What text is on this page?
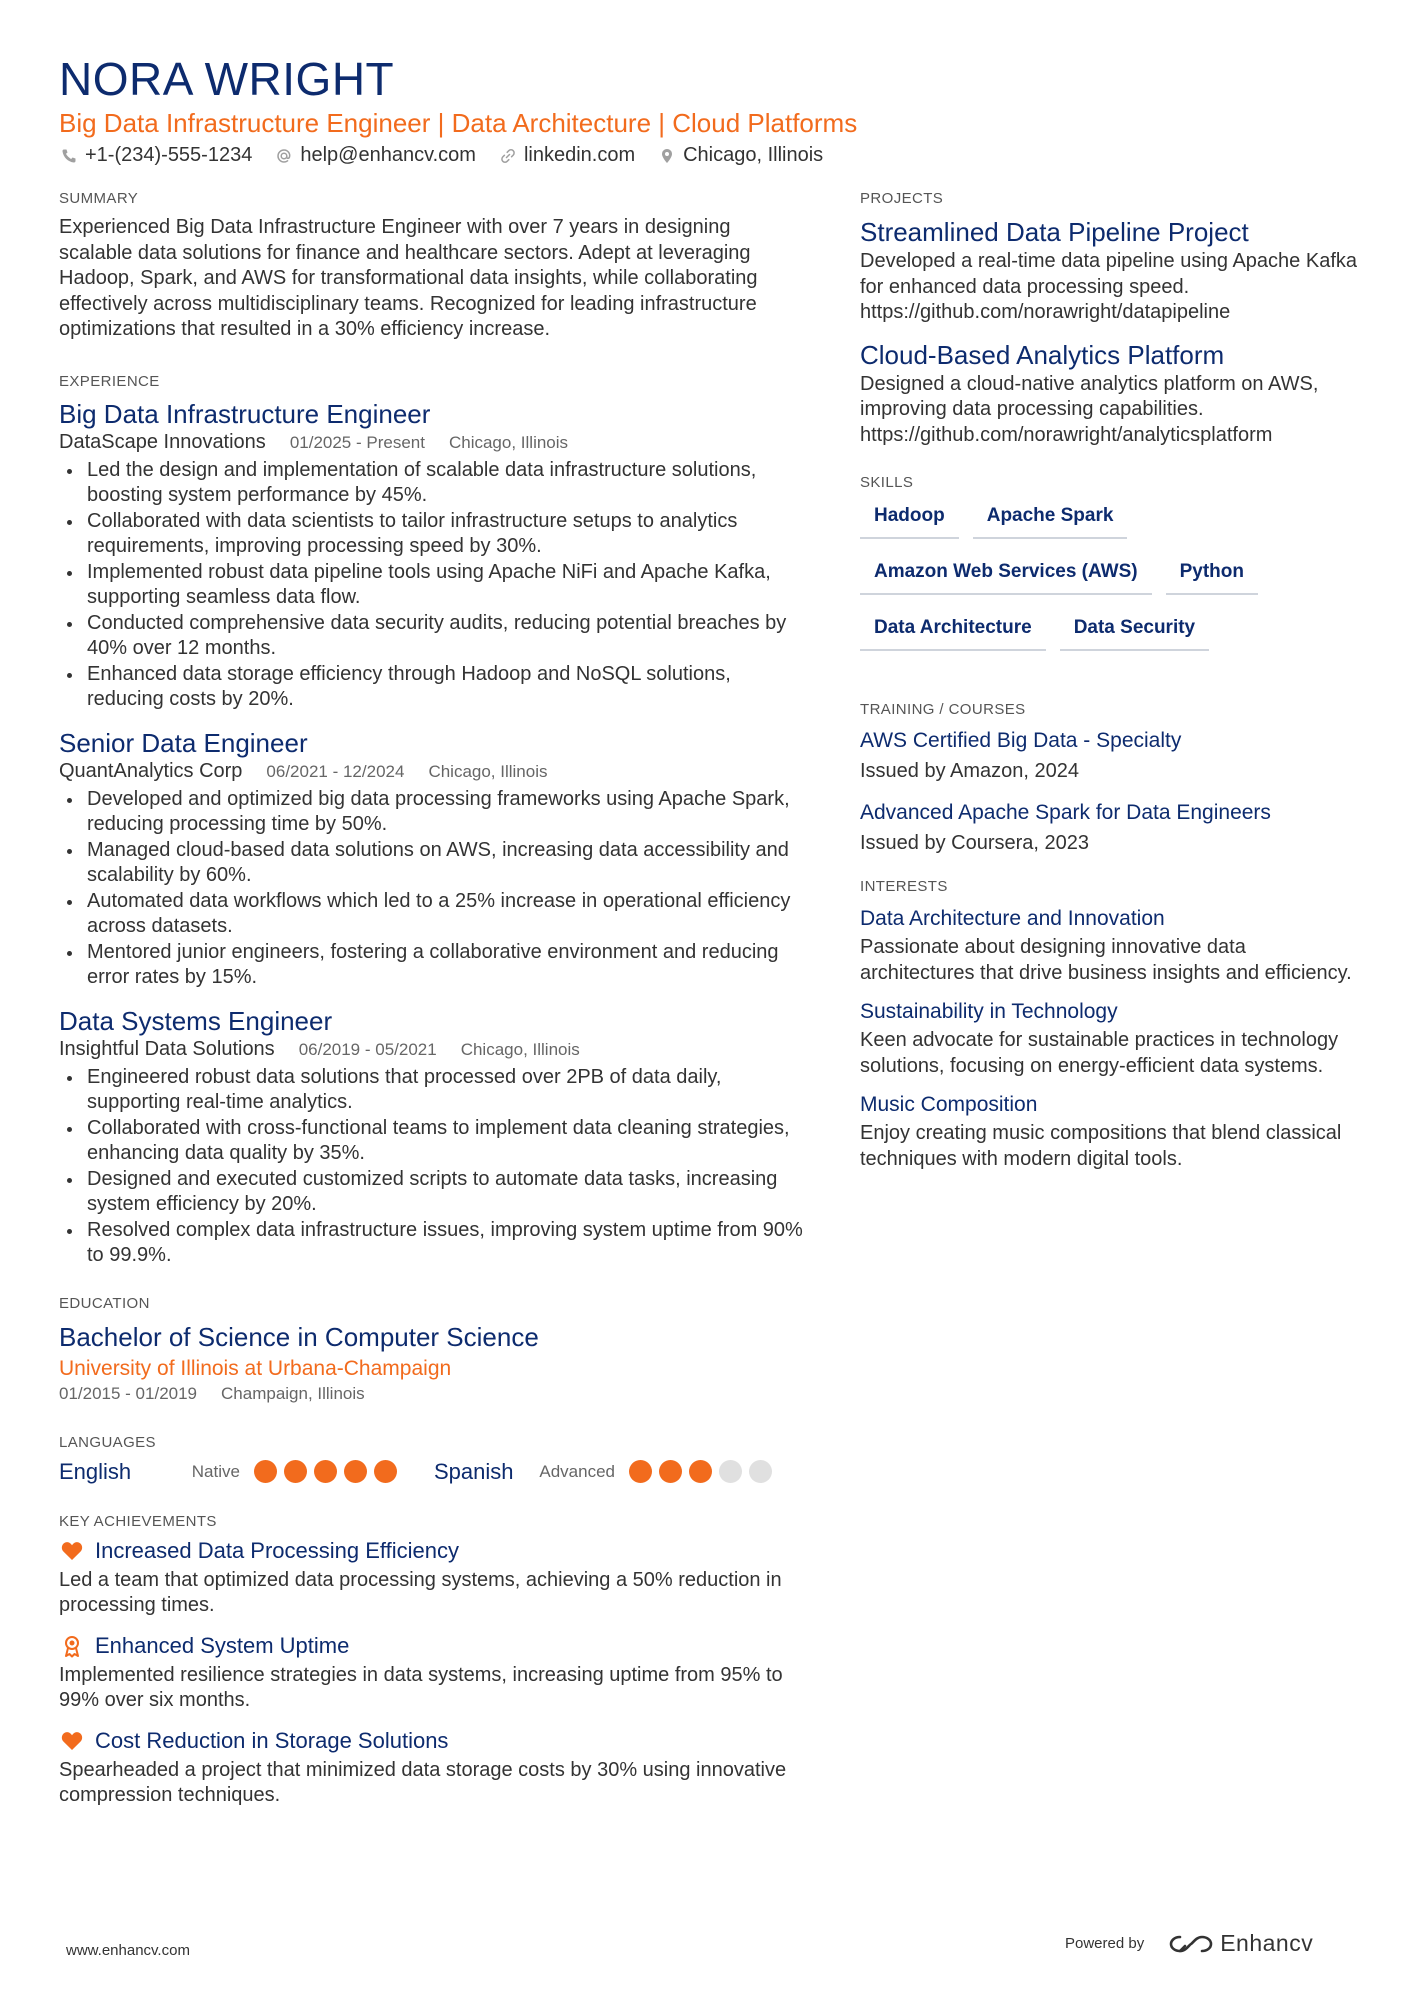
NORA WRIGHT
Big Data Infrastructure Engineer | Data Architecture | Cloud Platforms
+1-(234)-555-1234 help@enhancv.com linkedin.com Chicago, Illinois
SUMMARY
Experienced Big Data Infrastructure Engineer with over 7 years in designing scalable data solutions for finance and healthcare sectors. Adept at leveraging Hadoop, Spark, and AWS for transformational data insights, while collaborating effectively across multidisciplinary teams. Recognized for leading infrastructure optimizations that resulted in a 30% efficiency increase.
EXPERIENCE
Big Data Infrastructure Engineer
DataScape Innovations 01/2025 - Present Chicago, Illinois
Led the design and implementation of scalable data infrastructure solutions, boosting system performance by 45%.
Collaborated with data scientists to tailor infrastructure setups to analytics requirements, improving processing speed by 30%.
Implemented robust data pipeline tools using Apache NiFi and Apache Kafka, supporting seamless data flow.
Conducted comprehensive data security audits, reducing potential breaches by 40% over 12 months.
Enhanced data storage efficiency through Hadoop and NoSQL solutions, reducing costs by 20%.
Senior Data Engineer
QuantAnalytics Corp 06/2021 - 12/2024 Chicago, Illinois
Developed and optimized big data processing frameworks using Apache Spark, reducing processing time by 50%.
Managed cloud-based data solutions on AWS, increasing data accessibility and scalability by 60%.
Automated data workflows which led to a 25% increase in operational efficiency across datasets.
Mentored junior engineers, fostering a collaborative environment and reducing error rates by 15%.
Data Systems Engineer
Insightful Data Solutions 06/2019 - 05/2021 Chicago, Illinois
Engineered robust data solutions that processed over 2PB of data daily, supporting real-time analytics.
Collaborated with cross-functional teams to implement data cleaning strategies, enhancing data quality by 35%.
Designed and executed customized scripts to automate data tasks, increasing system efficiency by 20%.
Resolved complex data infrastructure issues, improving system uptime from 90% to 99.9%.
EDUCATION
Bachelor of Science in Computer Science
University of Illinois at Urbana-Champaign
01/2015 - 01/2019 Champaign, Illinois
LANGUAGES
English	Native	Spanish	Advanced
KEY ACHIEVEMENTS
Increased Data Processing Efficiency
Led a team that optimized data processing systems, achieving a 50% reduction in processing times.
Enhanced System Uptime
Implemented resilience strategies in data systems, increasing uptime from 95% to 99% over six months.
Cost Reduction in Storage Solutions
Spearheaded a project that minimized data storage costs by 30% using innovative compression techniques.
PROJECTS
Streamlined Data Pipeline Project
Developed a real-time data pipeline using Apache Kafka for enhanced data processing speed.
https://github.com/norawright/datapipeline
Cloud-Based Analytics Platform
Designed a cloud-native analytics platform on AWS, improving data processing capabilities.
https://github.com/norawright/analyticsplatform
SKILLS
Hadoop	Apache Spark
Amazon Web Services (AWS)	Python
Data Architecture	Data Security
TRAINING / COURSES
AWS Certified Big Data - Specialty
Issued by Amazon, 2024
Advanced Apache Spark for Data Engineers
Issued by Coursera, 2023
INTERESTS
Data Architecture and Innovation
Passionate about designing innovative data architectures that drive business insights and efficiency.
Sustainability in Technology
Keen advocate for sustainable practices in technology solutions, focusing on energy-efficient data systems.
Music Composition
Enjoy creating music compositions that blend classical techniques with modern digital tools.
www.enhancv.com	Powered by	Enhancv
